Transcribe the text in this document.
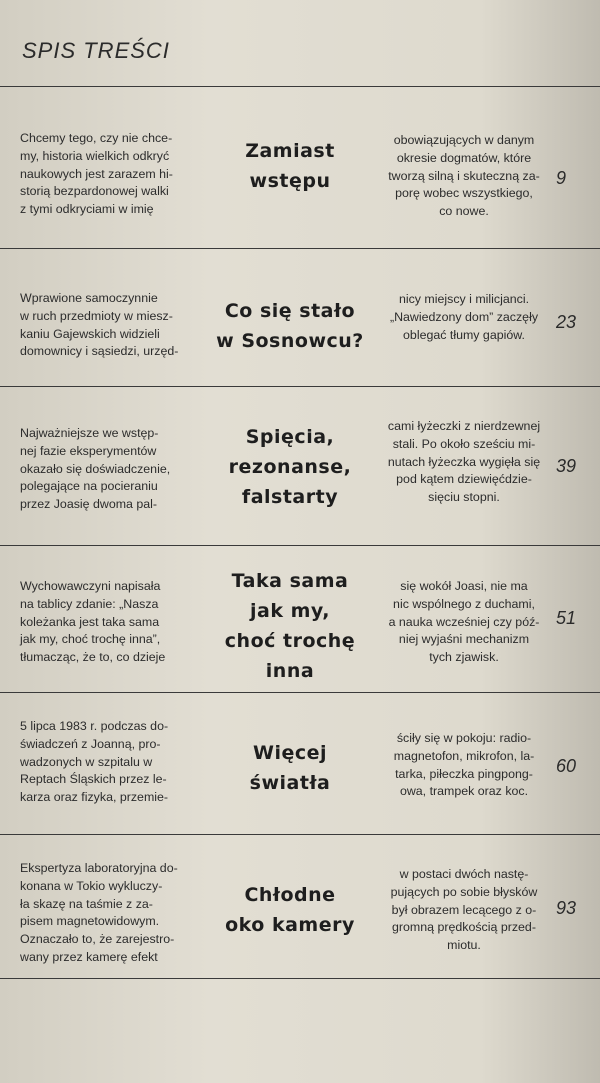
SPIS TREŚCI
Chcemy tego, czy nie chce-
my, historia wielkich odkryć
naukowych jest zarazem hi-
storią bezpardonowej walki
z tymi odkryciami w imię
Zamiast
wstępu
obowiązujących w danym
okresie dogmatów, które
tworzą silną i skuteczną za-
porę wobec wszystkiego,
co nowe.
9
Wprawione samoczynnie
w ruch przedmioty w miesz-
kaniu Gajewskich widzieli
domownicy i sąsiedzi, urzęd-
Co się stało
w Sosnowcu?
nicy miejscy i milicjanci.
„Nawiedzony dom” zaczęły
oblegać tłumy gapiów.
23
Najważniejsze we wstęp-
nej fazie eksperymentów
okazało się doświadczenie,
polegające na pocieraniu
przez Joasię dwoma pal-
Spięcia,
rezonanse,
falstarty
cami łyżeczki z nierdzewnej
stali. Po około sześciu mi-
nutach łyżeczka wygięła się
pod kątem dziewięćdzie-
sięciu stopni.
39
Wychowawczyni napisała
na tablicy zdanie: „Nasza
koleżanka jest taka sama
jak my, choć trochę inna”,
tłumacząc, że to, co dzieje
Taka sama
jak my,
choć trochę
inna
się wokół Joasi, nie ma
nic wspólnego z duchami,
a nauka wcześniej czy póź-
niej wyjaśni mechanizm
tych zjawisk.
51
5 lipca 1983 r. podczas do-
świadczeń z Joanną, pro-
wadzonych w szpitalu w
Reptach Śląskich przez le-
karza oraz fizyka, przemie-
Więcej
światła
ściły się w pokoju: radio-
magnetofon, mikrofon, la-
tarka, piłeczka pingpong-
owa, trampek oraz koc.
60
Ekspertyza laboratoryjna do-
konana w Tokio wykluczy-
ła skazę na taśmie z za-
pisem magnetowidowym.
Oznaczało to, że zarejestro-
wany przez kamerę efekt
Chłodne
oko kamery
w postaci dwóch nastę-
pujących po sobie błysków
był obrazem lecącego z o-
gromną prędkością przed-
miotu.
93
